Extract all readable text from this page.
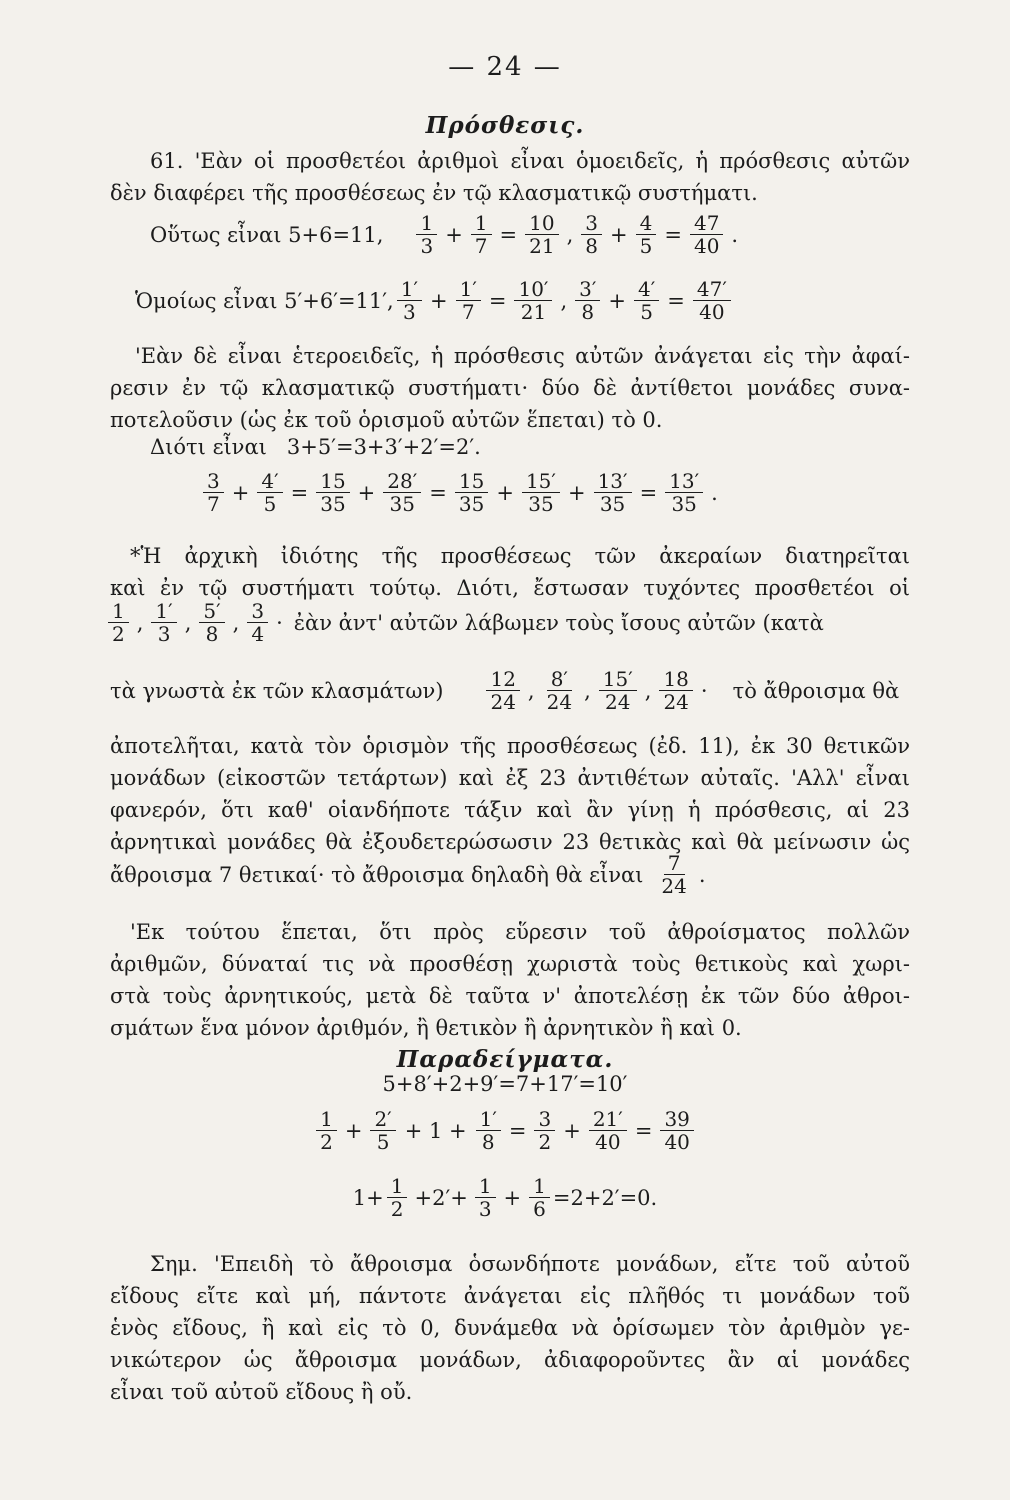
— 24 —
Πρόσθεσις.
61. 'Εὰν οἱ προσθετέοι ἀριθμοὶ εἶναι ὁμοειδεῖς, ἡ πρόσθεσις αὐτῶν
δὲν διαφέρει τῆς προσθέσεως ἐν τῷ κλασματικῷ συστήματι.
Οὕτως εἶναι 5+6=11, $\frac{1}{3} + \frac{1}{7} = \frac{10}{21}$ , $\frac{3}{8} + \frac{4}{5} = \frac{47}{40}$ .
Ὁμοίως εἶναι 5′+6′=11′, $\frac{1'}{3} + \frac{1'}{7} = \frac{10'}{21}$ , $\frac{3'}{8} + \frac{4'}{5} = \frac{47'}{40}$
'Εὰν δὲ εἶναι ἑτεροειδεῖς, ἡ πρόσθεσις αὐτῶν ἀνάγεται εἰς τὴν ἀφαί-
ρεσιν ἐν τῷ κλασματικῷ συστήματι· δύο δὲ ἀντίθετοι μονάδες συνα-
ποτελοῦσιν (ὡς ἐκ τοῦ ὁρισμοῦ αὐτῶν ἕπεται) τὸ 0.
Διότι εἶναι   3+5′=3+3′+2′=2′.
$\frac{3}{7} + \frac{4'}{5} = \frac{15}{35} + \frac{28'}{35} = \frac{15}{35} + \frac{15'}{35} + \frac{13'}{35} = \frac{13'}{35}$ .
*Ἡ ἀρχικὴ ἰδιότης τῆς προσθέσεως τῶν ἀκεραίων διατηρεῖται
καὶ ἐν τῷ συστήματι τούτῳ. Διότι, ἔστωσαν τυχόντες προσθετέοι οἱ
$\frac{1}{2}$ , $\frac{1'}{3}$ , $\frac{5'}{8}$ , $\frac{3}{4}$ · ἐὰν ἀντ' αὐτῶν λάβωμεν τοὺς ἴσους αὐτῶν (κατὰ
τὰ γνωστὰ ἐκ τῶν $\kappa\lambda\alpha\sigma\mu ά\tau\omega\nu) \frac{12}{24}$ , $\frac{8'}{24}$ , $\frac{15'}{24}$ , $\frac{18}{24}$ · τὸ ἄθροισμα θὰ
ἀποτελῆται, κατὰ τὸν ὁρισμὸν τῆς προσθέσεως (ἐδ. 11), ἐκ 30 θετικῶν
μονάδων (εἰκοστῶν τετάρτων) καὶ ἐξ 23 ἀντιθέτων αὐταῖς. 'Αλλ' εἶναι
φανερόν, ὅτι καθ' οἱανδήποτε τάξιν καὶ ἂν γίνῃ ἡ πρόσθεσις, αἱ 23
ἀρνητικαὶ μονάδες θὰ ἐξουδετερώσωσιν 23 θετικὰς καὶ θὰ μείνωσιν ὡς
ἄθροισμα 7 θετικαί· τὸ ἄθροισμα δηλαδὴ θὰ εἶναι $\frac{7}{24}$ .
'Εκ τούτου ἕπεται, ὅτι πρὸς εὕρεσιν τοῦ ἀθροίσματος πολλῶν
ἀριθμῶν, δύναταί τις νὰ προσθέσῃ χωριστὰ τοὺς θετικοὺς καὶ χωρι-
στὰ τοὺς ἀρνητικούς, μετὰ δὲ ταῦτα ν' ἀποτελέσῃ ἐκ τῶν δύο ἀθροι-
σμάτων ἕνα μόνον ἀριθμόν, ἢ θετικὸν ἢ ἀρνητικὸν ἢ καὶ 0.
Παραδείγματα.
5+8′+2+9′=7+17′=10′
$\frac{1}{2} + \frac{2'}{5} + 1 + \frac{1'}{8} = \frac{3}{2} + \frac{21'}{40} = \frac{39}{40}$
$1+ \frac{1}{2} +2'+ \frac{1}{3} + \frac{1}{6} =2+2'=0$.
Σημ. 'Επειδὴ τὸ ἄθροισμα ὁσωνδήποτε μονάδων, εἴτε τοῦ αὐτοῦ
εἴδους εἴτε καὶ μή, πάντοτε ἀνάγεται εἰς πλῆθός τι μονάδων τοῦ
ἑνὸς εἴδους, ἢ καὶ εἰς τὸ 0, δυνάμεθα νὰ ὁρίσωμεν τὸν ἀριθμὸν γε-
νικώτερον ὡς ἄθροισμα μονάδων, ἀδιαφοροῦντες ἂν αἱ μονάδες
εἶναι τοῦ αὐτοῦ εἴδους ἢ οὔ.
